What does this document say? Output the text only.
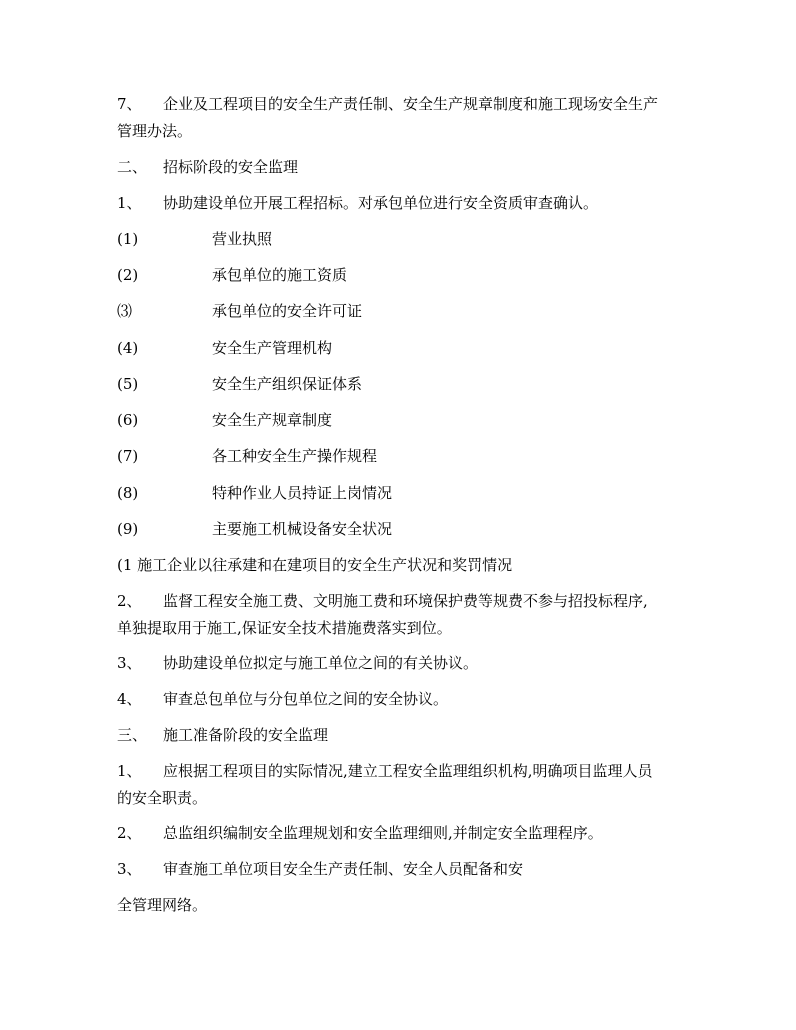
7、 企业及工程项目的安全生产责任制、安全生产规章制度和施工现场安全生产
管理办法。
二、 招标阶段的安全监理
1、 协助建设单位开展工程招标。对承包单位进行安全资质审查确认。
(1)	营业执照
(2)	承包单位的施工资质
⑶	承包单位的安全许可证
(4)	安全生产管理机构
(5)	安全生产组织保证体系
(6)	安全生产规章制度
(7)	各工种安全生产操作规程
(8)	特种作业人员持证上岗情况
(9)	主要施工机械设备安全状况
(1 施工企业以往承建和在建项目的安全生产状况和奖罚情况
2、 监督工程安全施工费、文明施工费和环境保护费等规费不参与招投标程序,
单独提取用于施工,保证安全技术措施费落实到位。
3、 协助建设单位拟定与施工单位之间的有关协议。
4、 审查总包单位与分包单位之间的安全协议。
三、 施工准备阶段的安全监理
1、 应根据工程项目的实际情况,建立工程安全监理组织机构,明确项目监理人员
的安全职责。
2、 总监组织编制安全监理规划和安全监理细则,并制定安全监理程序。
3、 审查施工单位项目安全生产责任制、安全人员配备和安
全管理网络。
